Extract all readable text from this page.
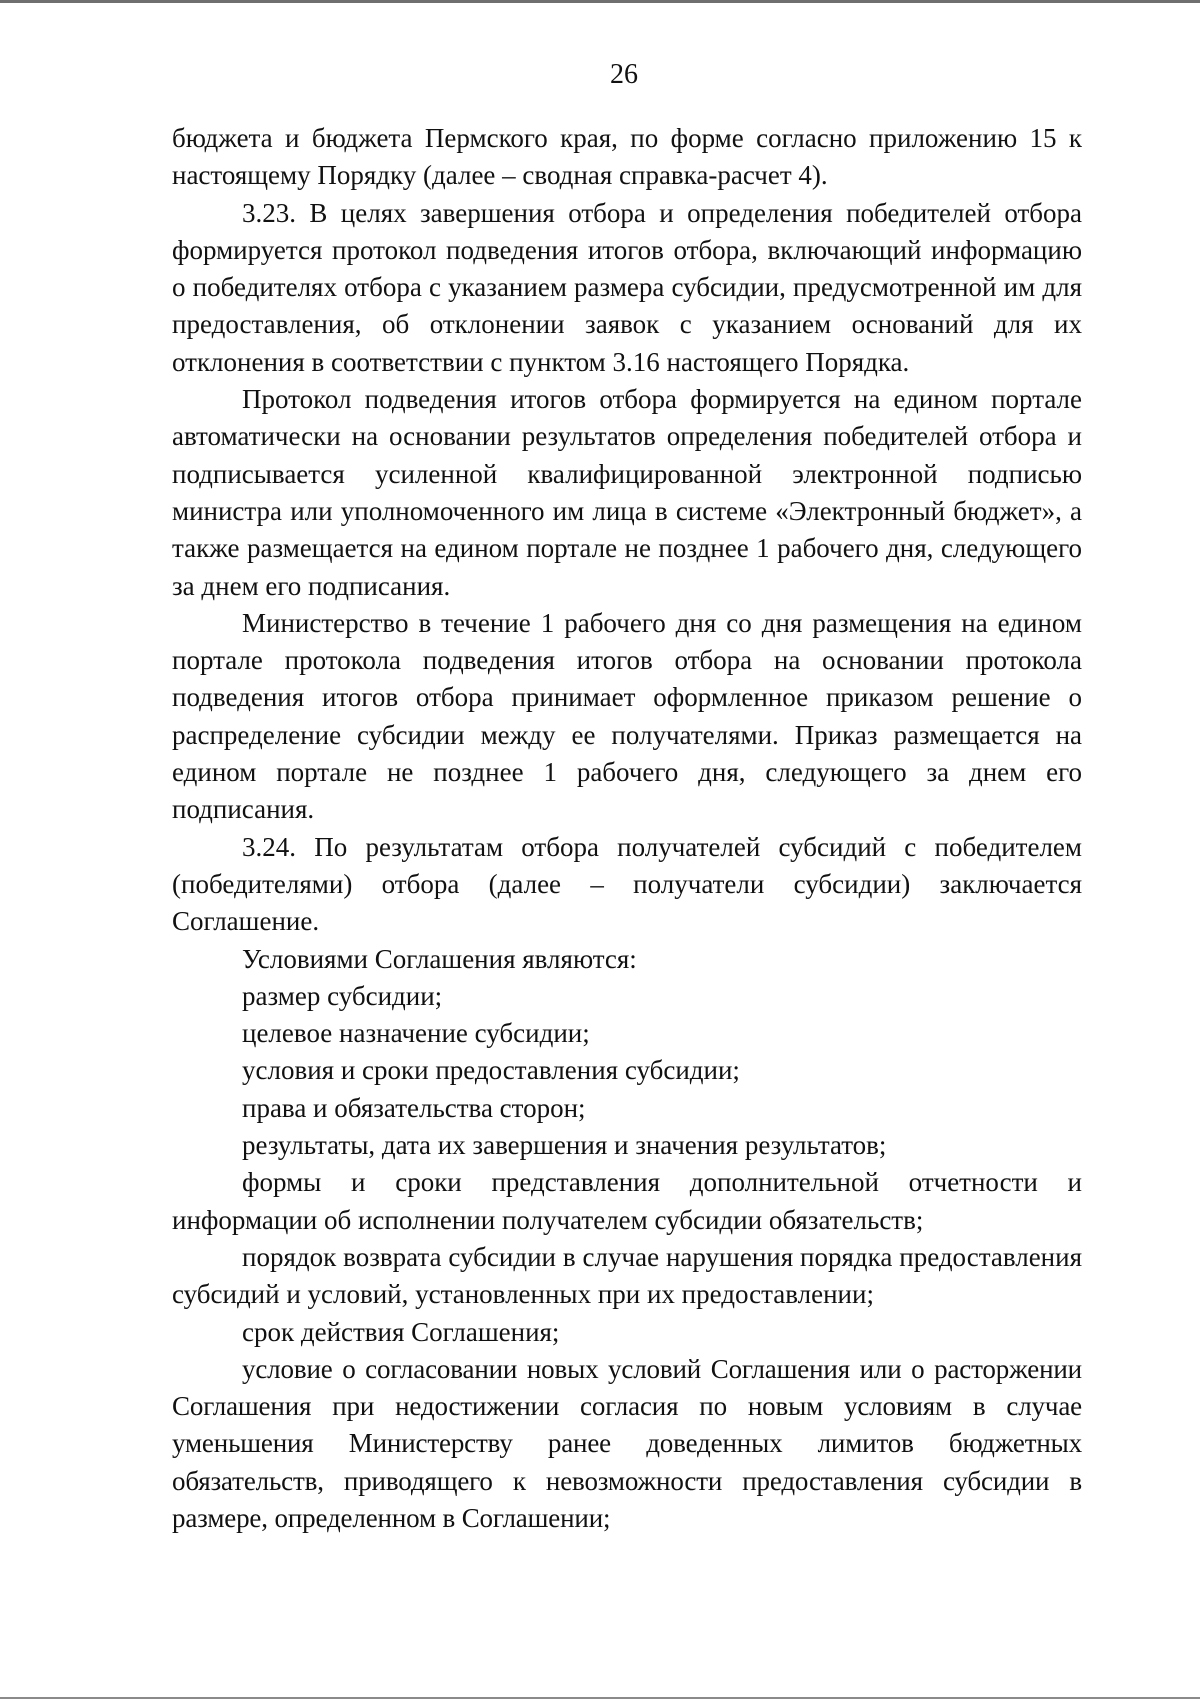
26

бюджета и бюджета Пермского края, по форме согласно приложению 15 к настоящему Порядку (далее – сводная справка-расчет 4).

3.23. В целях завершения отбора и определения победителей отбора формируется протокол подведения итогов отбора, включающий информацию о победителях отбора с указанием размера субсидии, предусмотренной им для предоставления, об отклонении заявок с указанием оснований для их отклонения в соответствии с пунктом 3.16 настоящего Порядка.

Протокол подведения итогов отбора формируется на едином портале автоматически на основании результатов определения победителей отбора и подписывается усиленной квалифицированной электронной подписью министра или уполномоченного им лица в системе «Электронный бюджет», а также размещается на едином портале не позднее 1 рабочего дня, следующего за днем его подписания.

Министерство в течение 1 рабочего дня со дня размещения на едином портале протокола подведения итогов отбора на основании протокола подведения итогов отбора принимает оформленное приказом решение о распределение субсидии между ее получателями. Приказ размещается на едином портале не позднее 1 рабочего дня, следующего за днем его подписания.

3.24. По результатам отбора получателей субсидий с победителем (победителями) отбора (далее – получатели субсидии) заключается Соглашение.

Условиями Соглашения являются:

размер субсидии;

целевое назначение субсидии;

условия и сроки предоставления субсидии;

права и обязательства сторон;

результаты, дата их завершения и значения результатов;

формы и сроки представления дополнительной отчетности и информации об исполнении получателем субсидии обязательств;

порядок возврата субсидии в случае нарушения порядка предоставления субсидий и условий, установленных при их предоставлении;

срок действия Соглашения;

условие о согласовании новых условий Соглашения или о расторжении Соглашения при недостижении согласия по новым условиям в случае уменьшения Министерству ранее доведенных лимитов бюджетных обязательств, приводящего к невозможности предоставления субсидии в размере, определенном в Соглашении;
